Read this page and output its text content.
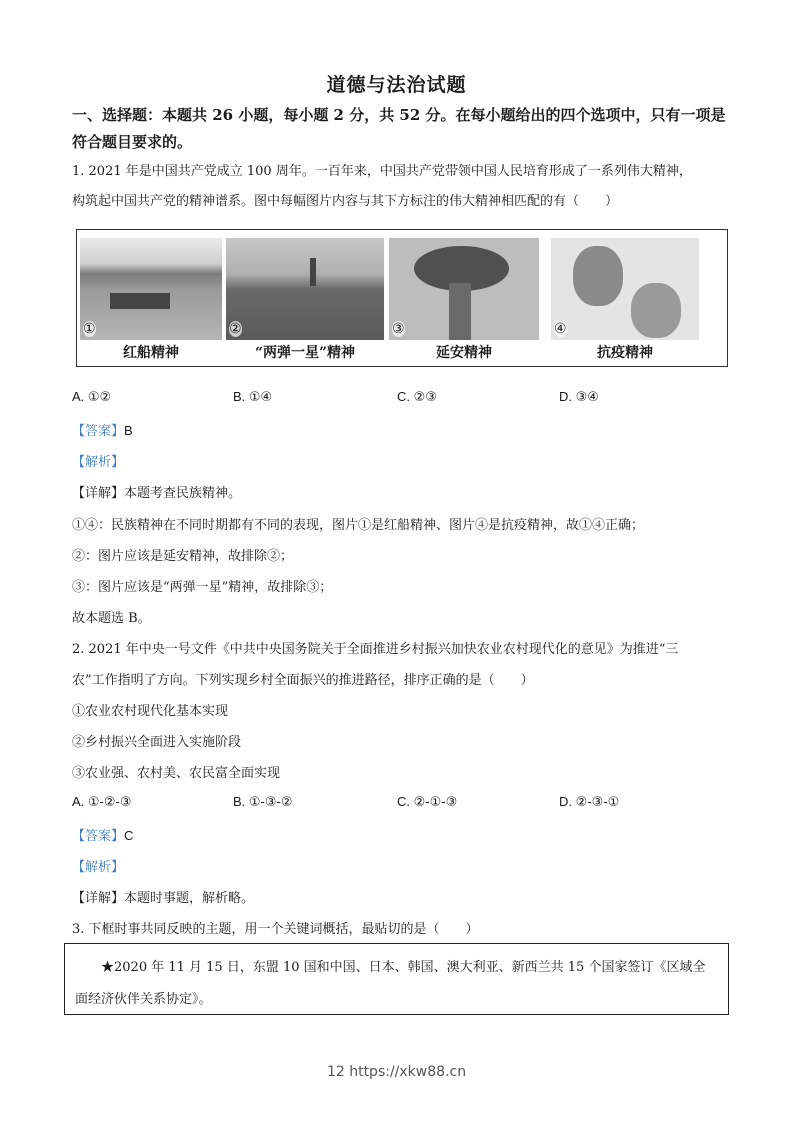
道德与法治试题
一、选择题：本题共 26 小题，每小题 2 分，共 52 分。在每小题给出的四个选项中，只有一项是符合题目要求的。
1. 2021 年是中国共产党成立 100 周年。一百年来，中国共产党带领中国人民培育形成了一系列伟大精神，
构筑起中国共产党的精神谱系。图中每幅图片内容与其下方标注的伟大精神相匹配的有（　　）
①	②	③	④
红船精神	“两弹一星”精神	延安精神	抗疫精神
A. ①②	B. ①④	C. ②③	D. ③④
【答案】B
【解析】
【详解】本题考查民族精神。
①④：民族精神在不同时期都有不同的表现，图片①是红船精神、图片④是抗疫精神，故①④正确；
②：图片应该是延安精神，故排除②；
③：图片应该是“两弹一星”精神，故排除③；
故本题选 B。
2. 2021 年中央一号文件《中共中央国务院关于全面推进乡村振兴加快农业农村现代化的意见》为推进“三
农”工作指明了方向。下列实现乡村全面振兴的推进路径，排序正确的是（　　）
①农业农村现代化基本实现
②乡村振兴全面进入实施阶段
③农业强、农村美、农民富全面实现
A. ①-②-③	B. ①-③-②	C. ②-①-③	D. ②-③-①
【答案】C
【解析】
【详解】本题时事题，解析略。
3. 下框时事共同反映的主题，用一个关键词概括，最贴切的是（　　）
★2020 年 11 月 15 日，东盟 10 国和中国、日本、韩国、澳大利亚、新西兰共 15 个国家签订《区域全
面经济伙伴关系协定》。
12 https://xkw88.cn
